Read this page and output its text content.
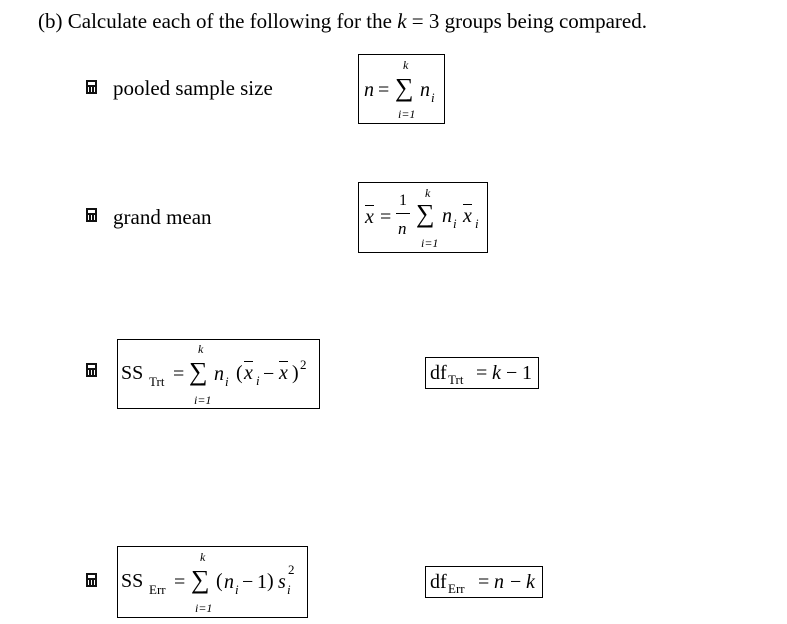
(b) Calculate each of the following for the k = 3 groups being compared.
pooled sample size	n = ∑
k
i=1
n i
grand mean	x =
1
n
∑
k
i=1
n i x i
SS Trt = ∑
k
i=1
n i ( x i − x ) 2	df Trt = k − 1
SS Err = ∑
k
i=1
( n i − 1 ) s i
2
df Err = n − k
